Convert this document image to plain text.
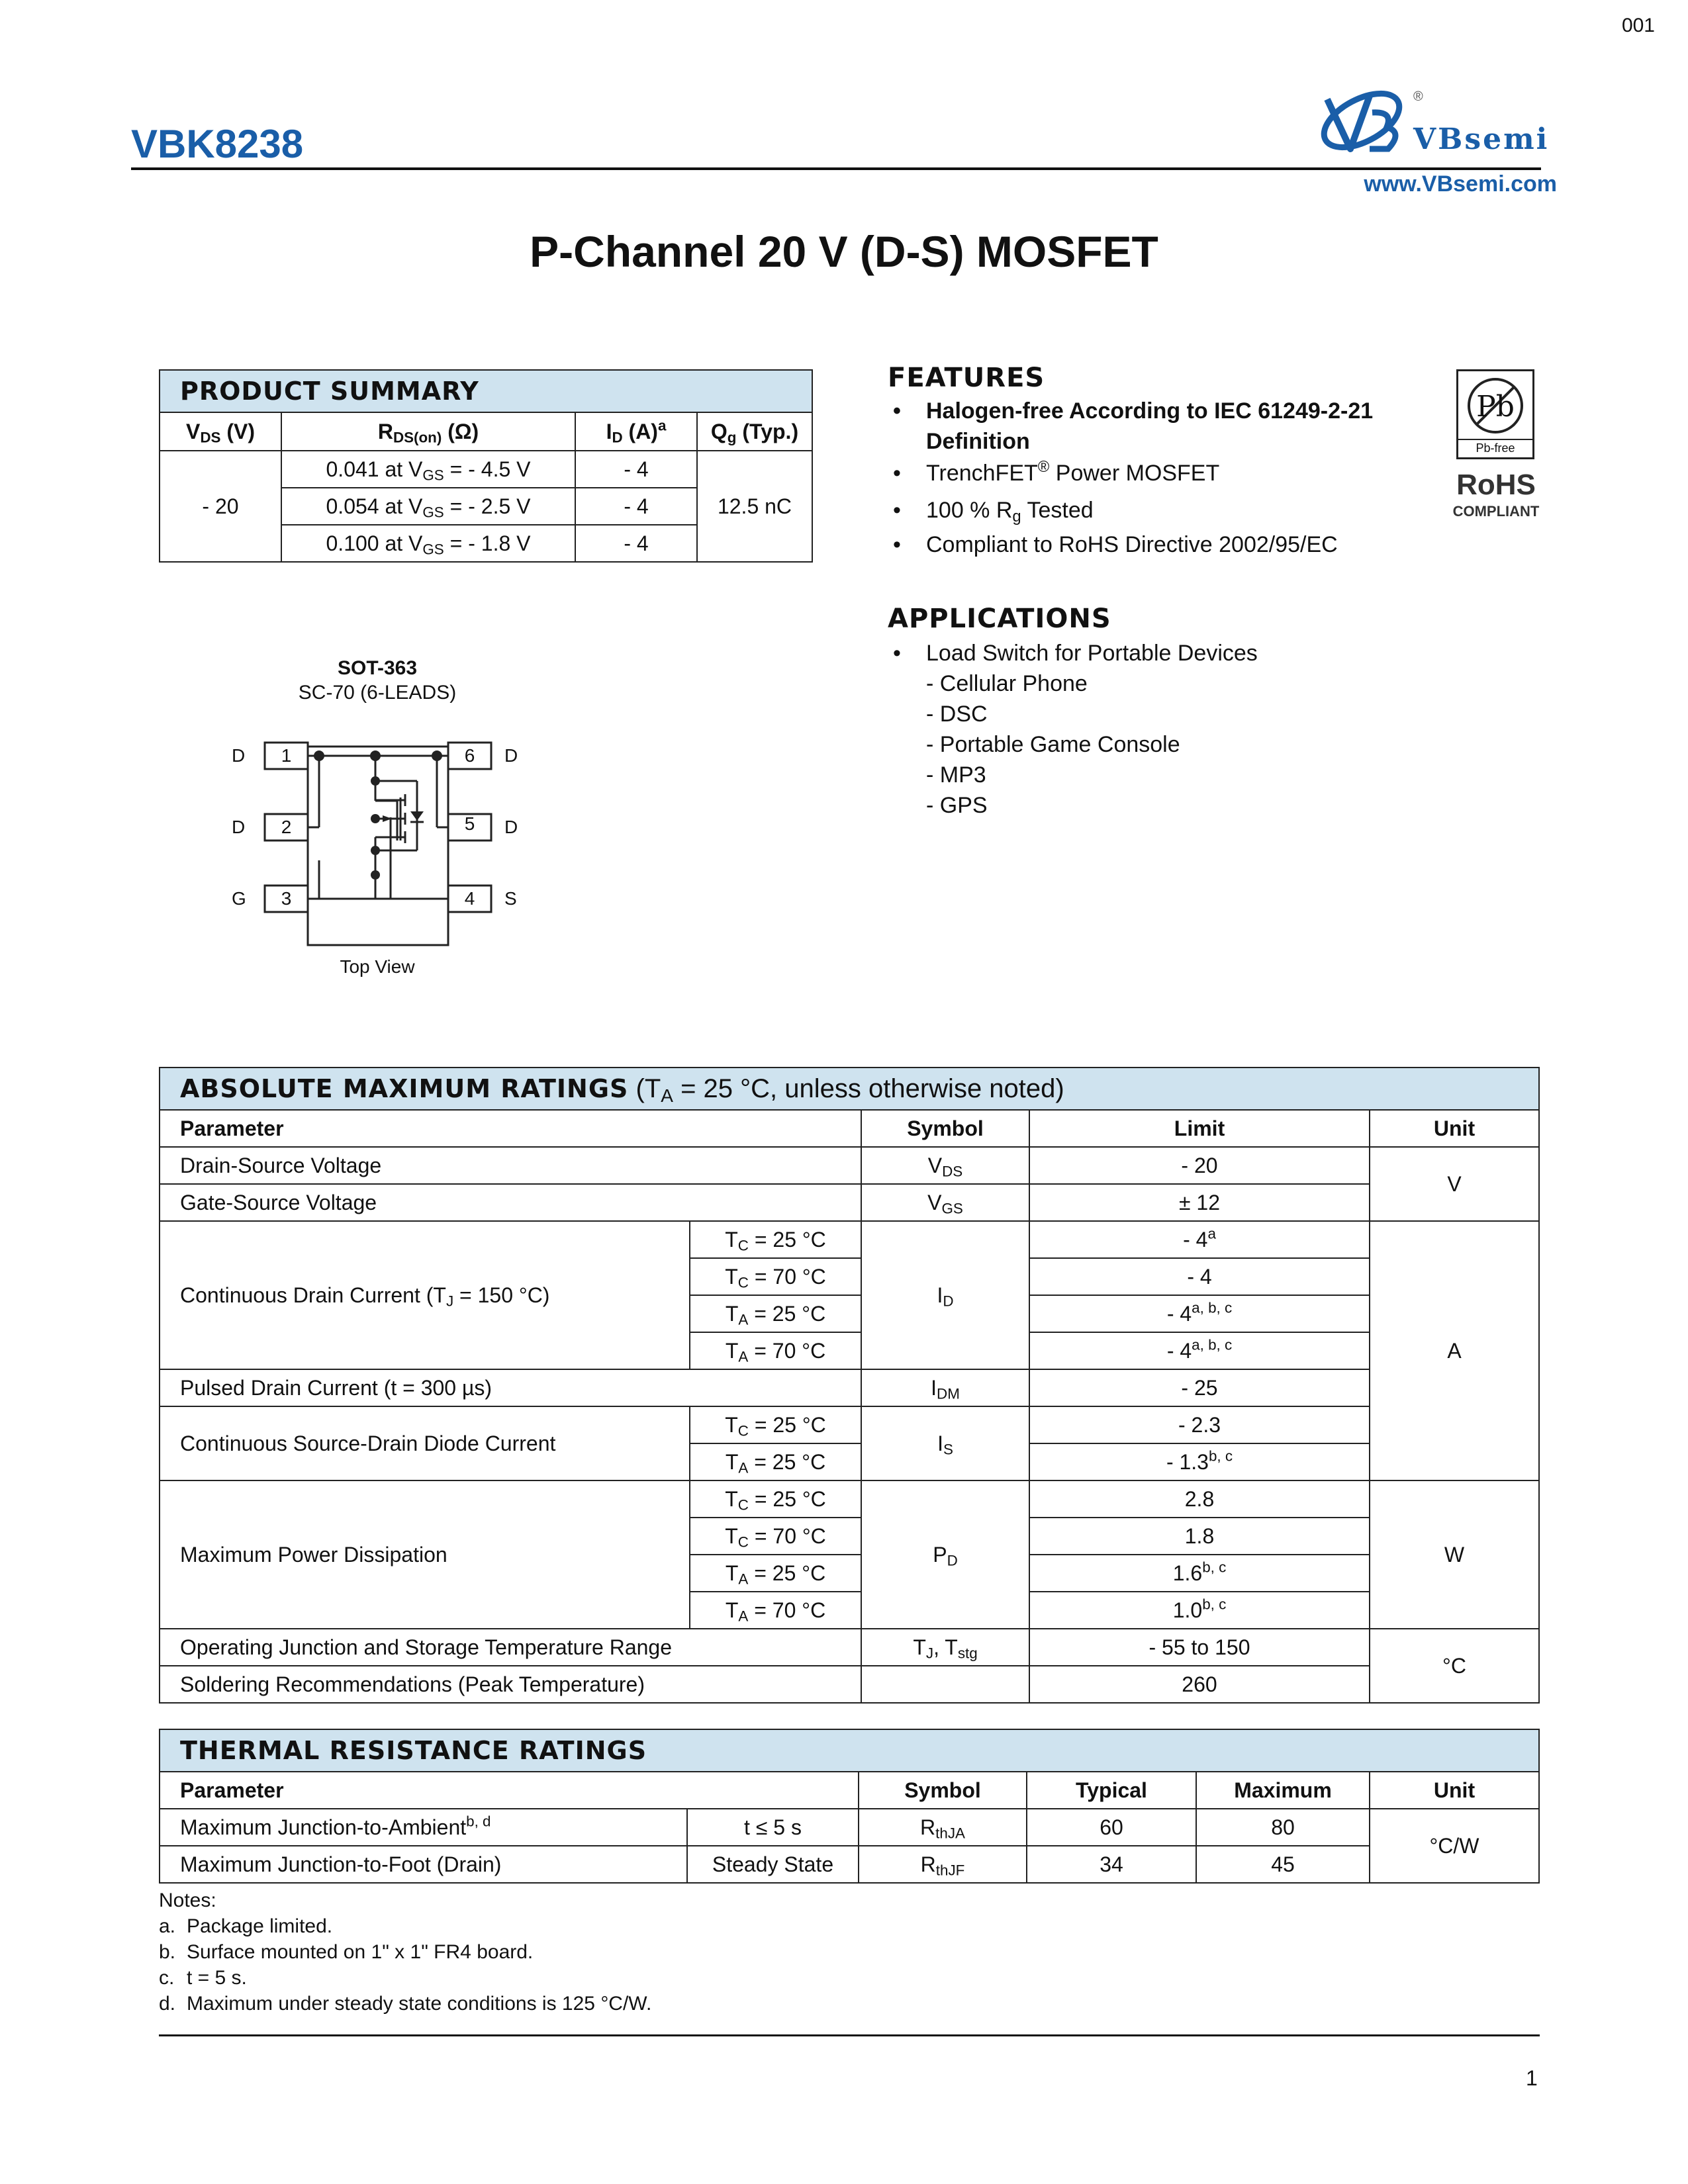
001
VBK8238
®
VBsemi
www.VBsemi.com
P-Channel 20 V (D-S) MOSFET
PRODUCT SUMMARY			
$V_{DS}$ (V)	$R_{DS(on)}$ (Ω)	$I_D$ $(A)^a$	$Q_g$ (Typ.)
- 20	0.041 at $V_{GS}$ = - 4.5 V	- 4	12.5 nC
	0.054 at $V_{GS}$ = - 2.5 V	- 4	
	0.100 at $V_{GS}$ = - 1.8 V	- 4	
SOT-363
SC-70 (6-LEADS)
1
2
3
6
5
4
D
D
G
D
D
S
Top View
FEATURES
• Halogen-free According to IEC 61249-2-21
Definition
• TrenchFET® Power MOSFET
• 100 % $R_g$ Tested
• Compliant to RoHS Directive 2002/95/EC
Pb
Pb-free
RoHS
COMPLIANT
APPLICATIONS
• Load Switch for Portable Devices
- Cellular Phone
- DSC
- Portable Game Console
- MP3
- GPS
ABSOLUTE MAXIMUM RATINGS ($T_A = 25$ °C, unless otherwise noted)				
Parameter		Symbol	Limit	Unit
Drain-Source Voltage		$V_{DS}$	- 20	V
Gate-Source Voltage		$V_{GS}$	± 12	
Continuous Drain Current ($T_J = 150$ °C)	$T_C = 25$ °C	$I_D$	- 4$^a$	A
	$T_C = 70$ °C		- 4	
	$T_A = 25$ °C		- 4$^{a, b, c}$
	$T_A = 70$ °C		- 4$^{a, b, c}$
Pulsed Drain Current (t = 300 µs)		$I_{DM}$	- 25	
Continuous Source-Drain Diode Current	$T_C = 25$ °C	$I_S$	- 2.3	
	$T_A = 25$ °C		- 1.3$^{b, c}$
Maximum Power Dissipation	$T_C = 25$ °C	$P_D$	2.8	W
	$T_C = 70$ °C		1.8	
	$T_A = 25$ °C		1.6$^{b, c}$
	$T_A = 70$ °C		1.0$^{b, c}$
Operating Junction and Storage Temperature Range		$T_J$, $T_{stg}$	- 55 to 150	°C
Soldering Recommendations (Peak Temperature)			260	
THERMAL RESISTANCE RATINGS					
Parameter		Symbol	Typical	Maximum	Unit
Maximum Junction-to-Ambient$^{b, d}$	t ≤ 5 s	$R_{thJA}$	60	80	°C/W
Maximum Junction-to-Foot (Drain)	Steady State	$R_{thJF}$	34	45	
Notes:
a. Package limited.
b. Surface mounted on 1" x 1" FR4 board.
c. t = 5 s.
d. Maximum under steady state conditions is 125 °C/W.
1
